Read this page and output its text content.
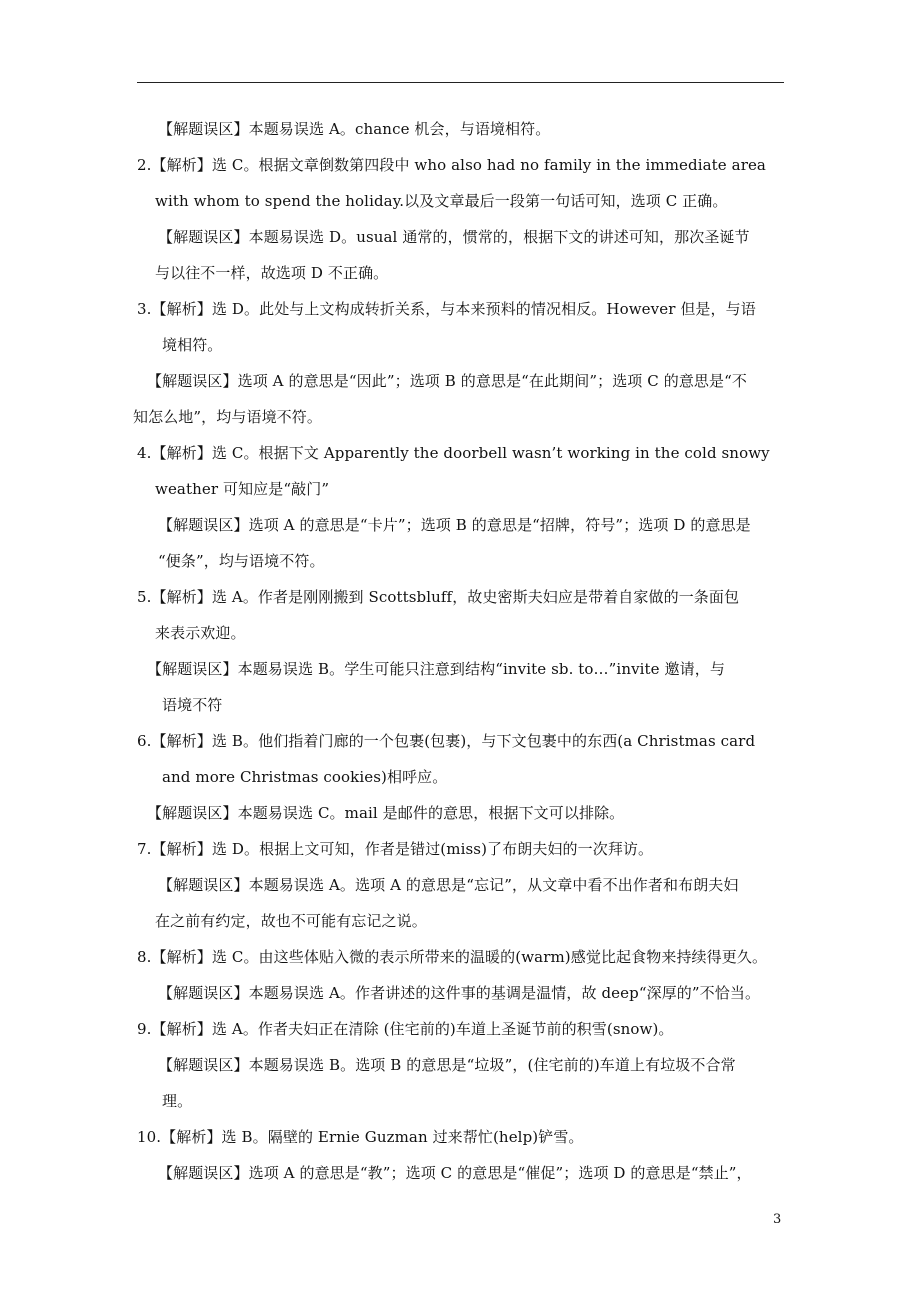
【解题误区】本题易误选 A。chance 机会，与语境相符。
2.【解析】选 C。根据文章倒数第四段中 who also had no family in the immediate area
with whom to spend the holiday.以及文章最后一段第一句话可知，选项 C 正确。
【解题误区】本题易误选 D。usual 通常的，惯常的，根据下文的讲述可知，那次圣诞节
与以往不一样，故选项 D 不正确。
3.【解析】选 D。此处与上文构成转折关系，与本来预料的情况相反。However 但是，与语
境相符。
【解题误区】选项 A 的意思是“因此”；选项 B 的意思是“在此期间”；选项 C 的意思是“不
知怎么地”，均与语境不符。
4.【解析】选 C。根据下文 Apparently the doorbell wasn’t working in the cold snowy
weather 可知应是“敲门”
【解题误区】选项 A 的意思是“卡片”；选项 B 的意思是“招牌，符号”；选项 D 的意思是
“便条”，均与语境不符。
5.【解析】选 A。作者是刚刚搬到 Scottsbluff，故史密斯夫妇应是带着自家做的一条面包
来表示欢迎。
【解题误区】本题易误选 B。学生可能只注意到结构“invite sb. to…”invite 邀请，与
语境不符
6.【解析】选 B。他们指着门廊的一个包裹(包裹)，与下文包裹中的东西(a Christmas card
and more Christmas cookies)相呼应。
【解题误区】本题易误选 C。mail 是邮件的意思，根据下文可以排除。
7.【解析】选 D。根据上文可知，作者是错过(miss)了布朗夫妇的一次拜访。
【解题误区】本题易误选 A。选项 A 的意思是“忘记”，从文章中看不出作者和布朗夫妇
在之前有约定，故也不可能有忘记之说。
8.【解析】选 C。由这些体贴入微的表示所带来的温暖的(warm)感觉比起食物来持续得更久。
【解题误区】本题易误选 A。作者讲述的这件事的基调是温情，故 deep“深厚的”不恰当。
9.【解析】选 A。作者夫妇正在清除 (住宅前的)车道上圣诞节前的积雪(snow)。
【解题误区】本题易误选 B。选项 B 的意思是“垃圾”，(住宅前的)车道上有垃圾不合常
理。
10.【解析】选 B。隔壁的 Ernie Guzman 过来帮忙(help)铲雪。
【解题误区】选项 A 的意思是“教”；选项 C 的意思是“催促”；选项 D 的意思是“禁止”，
3
